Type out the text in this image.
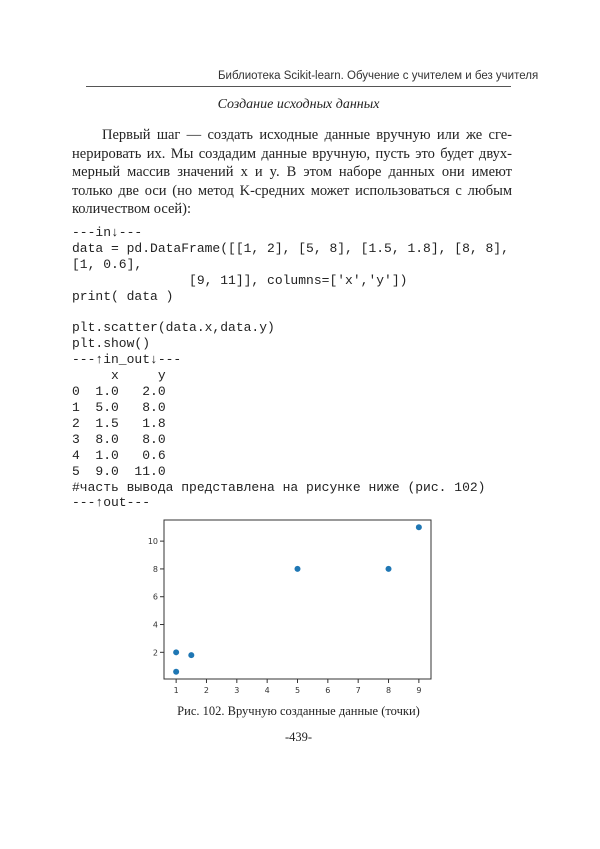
Библиотека Scikit-learn. Обучение с учителем и без учителя
Создание исходных данных

Первый шаг — создать исходные данные вручную или же сге-
нерировать их. Мы создадим данные вручную, пусть это будет двух-
мерный массив значений x и y. В этом наборе данных они имеют
только две оси (но метод K-средних может использоваться с любым
количеством осей):

---in↓---
data = pd.DataFrame([[1, 2], [5, 8], [1.5, 1.8], [8, 8],
[1, 0.6],
[9, 11]], columns=['x','y'])
print( data )

plt.scatter(data.x,data.y)
plt.show()
---↑in_out↓---
x     y
0  1.0   2.0
1  5.0   8.0
2  1.5   1.8
3  8.0   8.0
4  1.0   0.6
5  9.0  11.0
#часть вывода представлена на рисунке ниже (рис. 102)
---↑out---
1	2	3	4	5	6	7	8	9
2
4
6
8
10
Рис. 102. Вручную созданные данные (точки)
-439-
